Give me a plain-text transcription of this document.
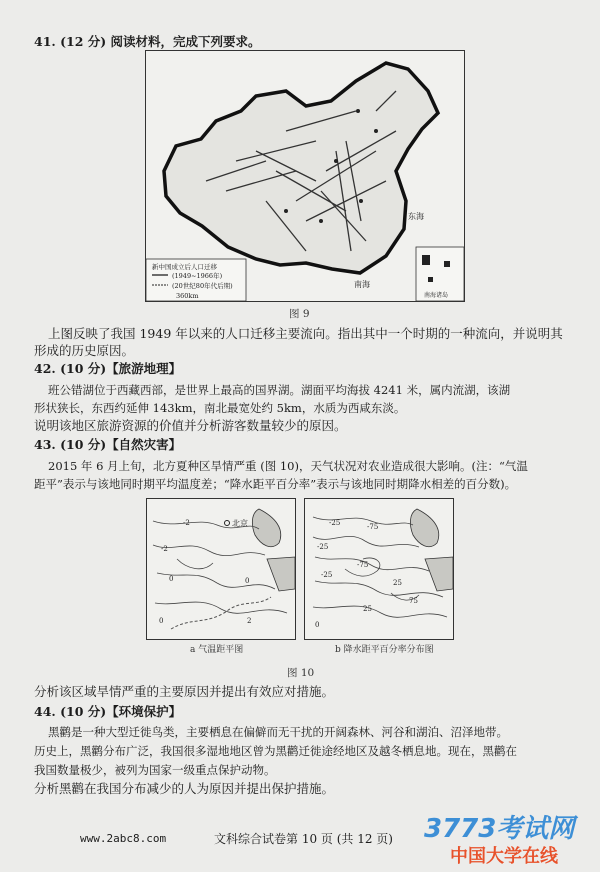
41. (12 分) 阅读材料，完成下列要求。
东海
南海
新中国成立后人口迁移
(1949~1966年)
(20世纪80年代后期)
360km	南海诸岛
图 9
上图反映了我国 1949 年以来的人口迁移主要流向。指出其中一个时期的一种流向，并说明其
形成的历史原因。
42. (10 分)【旅游地理】
班公错湖位于西藏西部，是世界上最高的国界湖。湖面平均海拔 4241 米，属内流湖，该湖
形状狭长，东西约延伸 143km，南北最宽处约 5km，水质为西咸东淡。
说明该地区旅游资源的价值并分析游客数量较少的原因。
43. (10 分)【自然灾害】
2015 年 6 月上旬，北方夏种区旱情严重 (图 10)，天气状况对农业造成很大影响。(注：“气温
距平”表示与该地同时期平均温度差；“降水距平百分率”表示与该地同时期降水相差的百分数)。
北京
-2
-2
0	0
0	2
a 气温距平图
-25	-75
-25
-75
-25
25
75
25
0
b 降水距平百分率分布图
图 10
分析该区域旱情严重的主要原因并提出有效应对措施。
44. (10 分)【环境保护】
黑鹳是一种大型迁徙鸟类，主要栖息在偏僻而无干扰的开阔森林、河谷和湖泊、沼泽地带。
历史上，黑鹳分布广泛，我国很多湿地地区曾为黑鹳迁徙途经地区及越冬栖息地。现在，黑鹳在
我国数量极少，被列为国家一级重点保护动物。
分析黑鹳在我国分布减少的人为原因并提出保护措施。
www.2abc8.com	文科综合试卷第 10 页 (共 12 页) 3773考试网
中国大学在线
